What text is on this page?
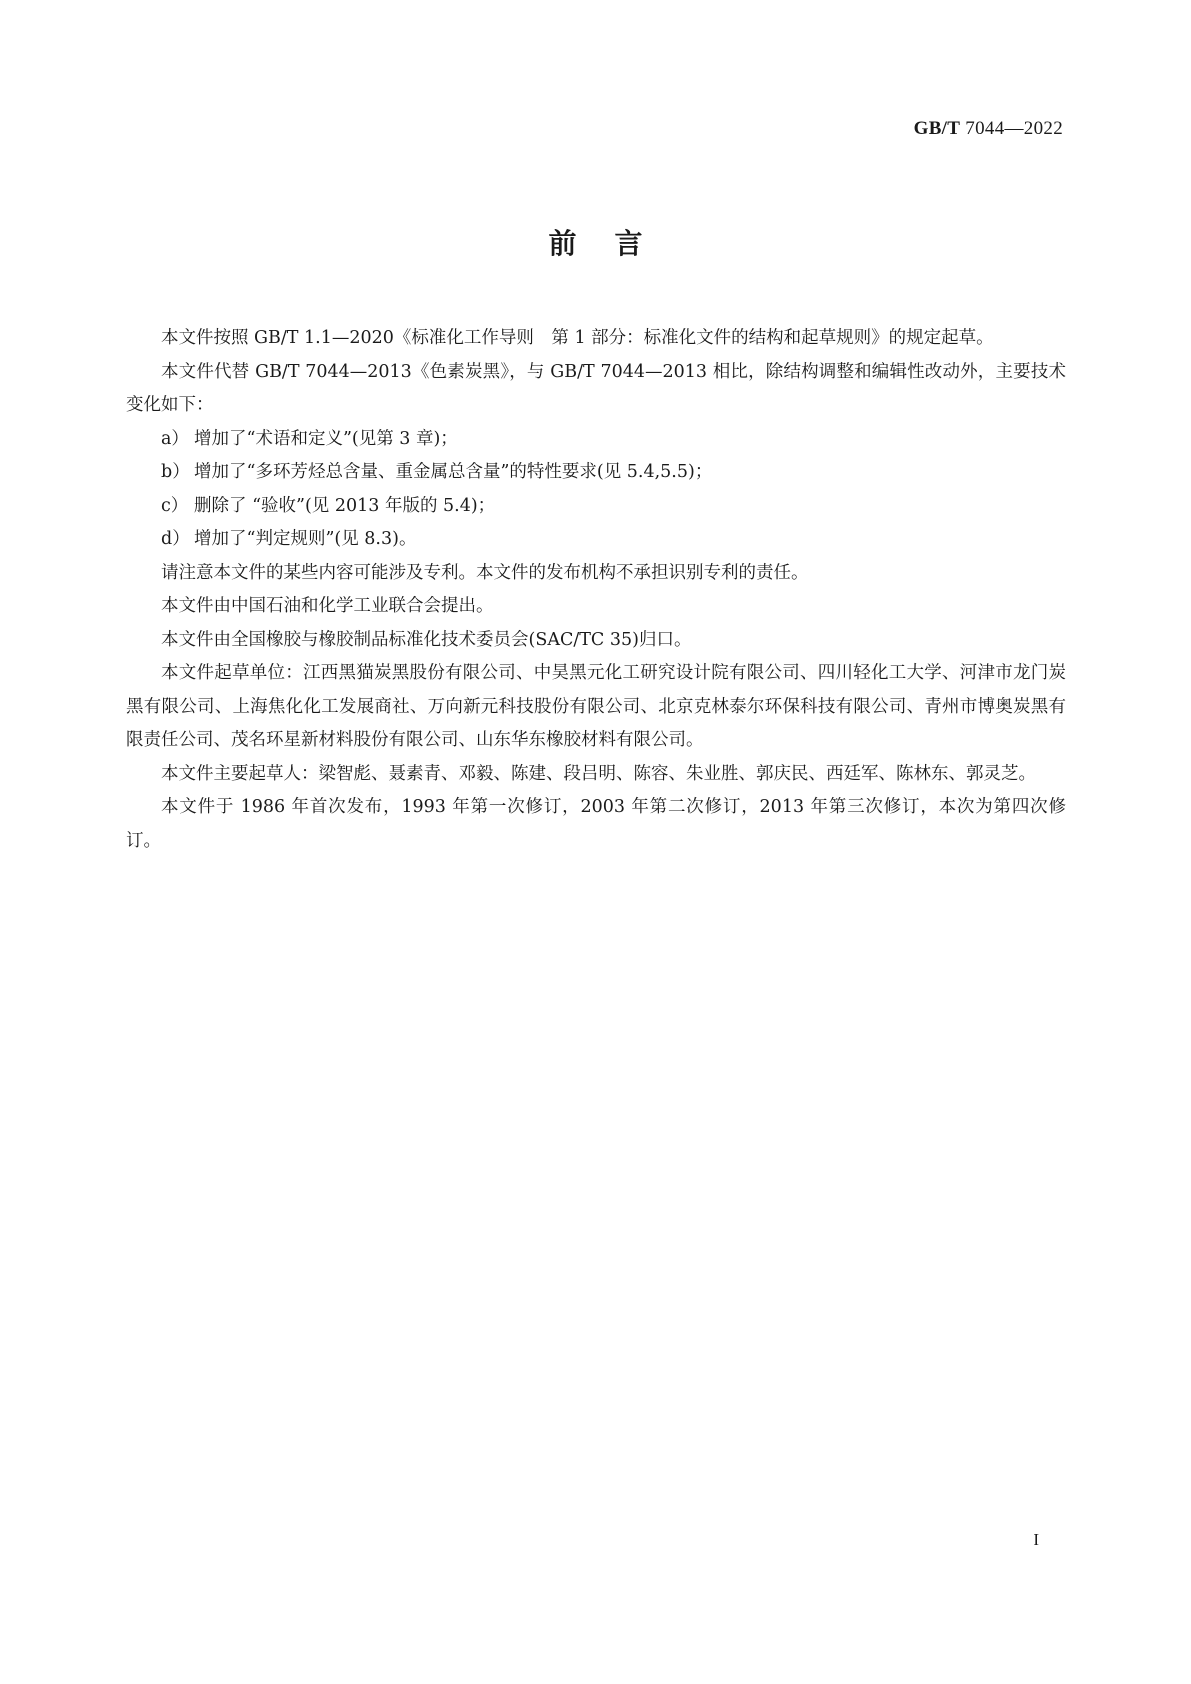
GB/T 7044—2022
前言

本文件按照 GB/T 1.1—2020《标准化工作导则　第 1 部分：标准化文件的结构和起草规则》的规定起草。

本文件代替 GB/T 7044—2013《色素炭黑》，与 GB/T 7044—2013 相比，除结构调整和编辑性改动外，主要技术变化如下：

a） 增加了“术语和定义”(见第 3 章)；
b） 增加了“多环芳烃总含量、重金属总含量”的特性要求(见 5.4,5.5)；
c） 删除了 “验收”(见 2013 年版的 5.4)；
d） 增加了“判定规则”(见 8.3)。

请注意本文件的某些内容可能涉及专利。本文件的发布机构不承担识别专利的责任。

本文件由中国石油和化学工业联合会提出。

本文件由全国橡胶与橡胶制品标准化技术委员会(SAC/TC 35)归口。

本文件起草单位：江西黑猫炭黑股份有限公司、中昊黑元化工研究设计院有限公司、四川轻化工大学、河津市龙门炭黑有限公司、上海焦化化工发展商社、万向新元科技股份有限公司、北京克林泰尔环保科技有限公司、青州市博奥炭黑有限责任公司、茂名环星新材料股份有限公司、山东华东橡胶材料有限公司。

本文件主要起草人：梁智彪、聂素青、邓毅、陈建、段吕明、陈容、朱业胜、郭庆民、西廷军、陈林东、郭灵芝。

本文件于 1986 年首次发布，1993 年第一次修订，2003 年第二次修订，2013 年第三次修订，本次为第四次修订。

I
